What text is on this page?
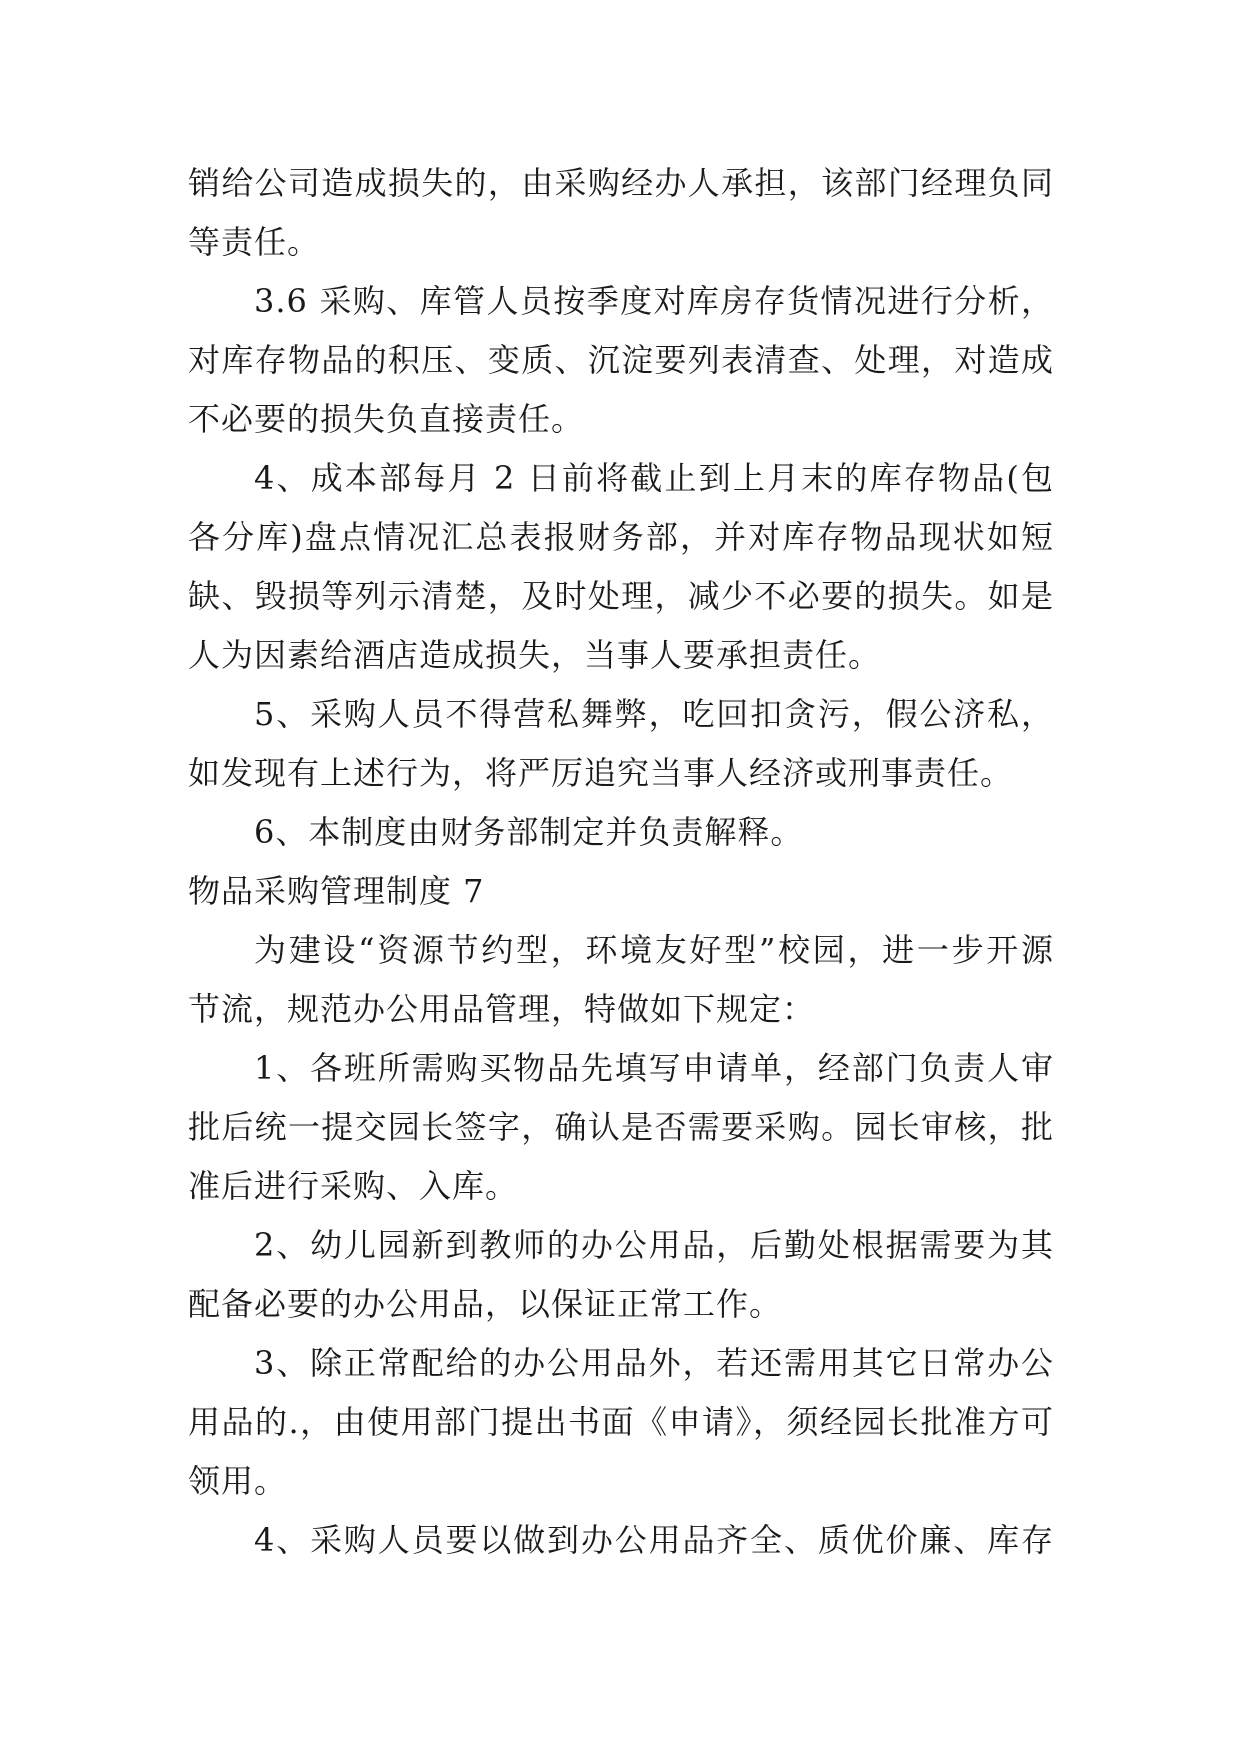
销给公司造成损失的，由采购经办人承担，该部门经理负同
等责任。
3.6 采购、库管人员按季度对库房存货情况进行分析，
对库存物品的积压、变质、沉淀要列表清查、处理，对造成
不必要的损失负直接责任。
4、成本部每月 2 日前将截止到上月末的库存物品(包
各分库)盘点情况汇总表报财务部，并对库存物品现状如短
缺、毁损等列示清楚，及时处理，减少不必要的损失。如是
人为因素给酒店造成损失，当事人要承担责任。
5、采购人员不得营私舞弊，吃回扣贪污，假公济私，
如发现有上述行为，将严厉追究当事人经济或刑事责任。
6、本制度由财务部制定并负责解释。
物品采购管理制度 7
为建设“资源节约型，环境友好型”校园，进一步开源
节流，规范办公用品管理，特做如下规定：
1、各班所需购买物品先填写申请单，经部门负责人审
批后统一提交园长签字，确认是否需要采购。园长审核，批
准后进行采购、入库。
2、幼儿园新到教师的办公用品，后勤处根据需要为其
配备必要的办公用品，以保证正常工作。
3、除正常配给的办公用品外，若还需用其它日常办公
用品的.，由使用部门提出书面《申请》，须经园长批准方可
领用。
4、采购人员要以做到办公用品齐全、质优价廉、库存
